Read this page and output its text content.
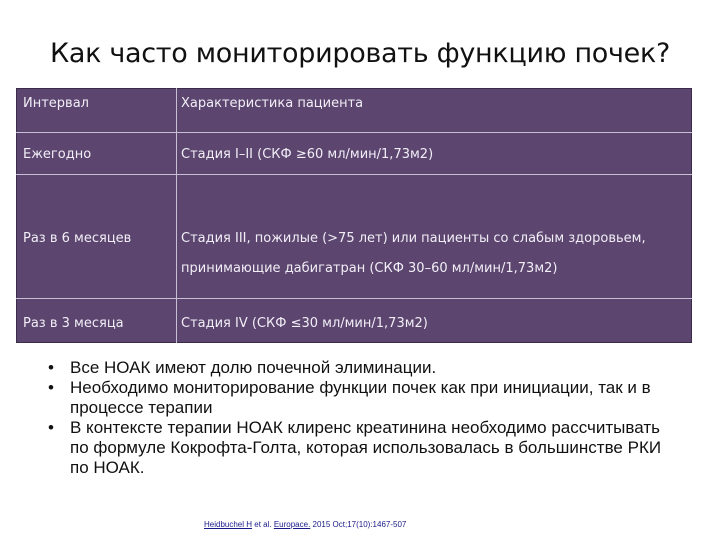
Как часто мониторировать функцию почек?
Интервал	Характеристика пациента
Ежегодно	Стадия I–II (СКФ ≥60 мл/мин/1,73м2)

Раз в 6 месяцев	Стадия III, пожилые (>75 лет) или пациенты со слабым здоровьем,
принимающие дабигатран (СКФ 30–60 мл/мин/1,73м2)

Раз в 3 месяца	Стадия IV (СКФ ≤30 мл/мин/1,73м2)
• Все НОАК имеют долю почечной элиминации.
• Необходимо мониторирование функции почек как при инициации, так и в процессе терапии
• В контексте терапии НОАК клиренс креатинина необходимо рассчитывать по формуле Кокрофта-Голта, которая использовалась в большинстве РКИ по НОАК.
Heidbuchel H et al. Europace. 2015 Oct;17(10):1467-507
